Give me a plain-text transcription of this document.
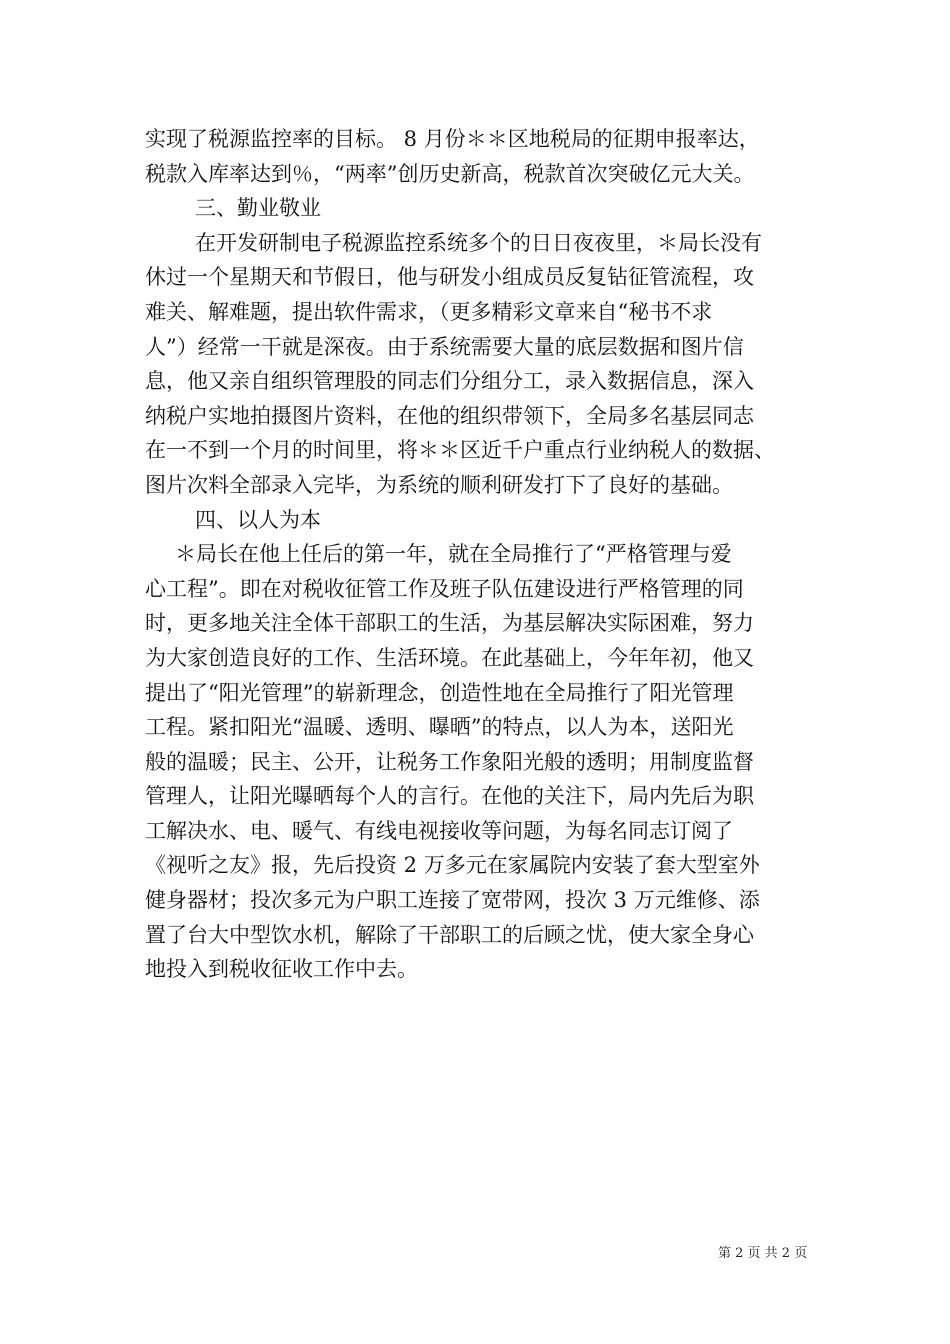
实现了税源监控率的目标。 8 月份＊＊区地税局的征期申报率达，
税款入库率达到％，“两率”创历史新高，税款首次突破亿元大关。
三、勤业敬业
在开发研制电子税源监控系统多个的日日夜夜里，＊局长没有
休过一个星期天和节假日，他与研发小组成员反复钻征管流程，攻
难关、解难题，提出软件需求，（更多精彩文章来自“秘书不求
人”）经常一干就是深夜。由于系统需要大量的底层数据和图片信
息，他又亲自组织管理股的同志们分组分工，录入数据信息，深入
纳税户实地拍摄图片资料，在他的组织带领下，全局多名基层同志
在一不到一个月的时间里，将＊＊区近千户重点行业纳税人的数据、
图片次料全部录入完毕，为系统的顺利研发打下了良好的基础。
四、以人为本
＊局长在他上任后的第一年，就在全局推行了“严格管理与爱
心工程”。即在对税收征管工作及班子队伍建设进行严格管理的同
时，更多地关注全体干部职工的生活，为基层解决实际困难，努力
为大家创造良好的工作、生活环境。在此基础上，今年年初，他又
提出了“阳光管理”的崭新理念，创造性地在全局推行了阳光管理
工程。紧扣阳光“温暖、透明、曝晒”的特点，以人为本，送阳光
般的温暖；民主、公开，让税务工作象阳光般的透明；用制度监督
管理人，让阳光曝晒每个人的言行。在他的关注下，局内先后为职
工解决水、电、暖气、有线电视接收等问题，为每名同志订阅了
《视听之友》报，先后投资 2 万多元在家属院内安装了套大型室外
健身器材；投次多元为户职工连接了宽带网，投次 3 万元维修、添
置了台大中型饮水机，解除了干部职工的后顾之忧，使大家全身心
地投入到税收征收工作中去。
第 2 页 共 2 页
